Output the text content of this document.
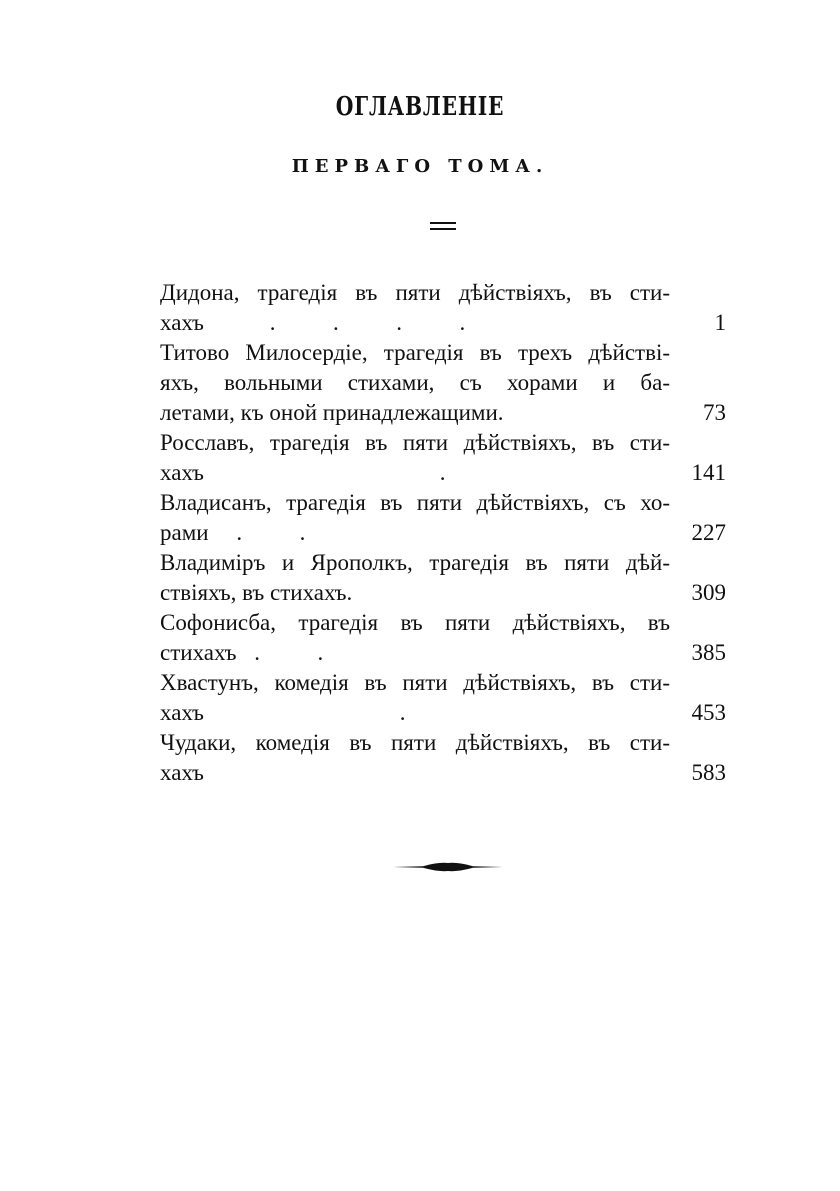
ОГЛАВЛЕНІЕ
ПЕРВАГО ТОМА.
Дидона, трагедія въ пяти дѣйствіяхъ, въ сти-
хахъ	.          .          .          .	1
Титово Милосердіе, трагедія въ трехъ дѣйстві-
яхъ, вольными стихами, съ хорами и ба-
летами, къ оной принадлежащими.	73
Росславъ, трагедія въ пяти дѣйствіяхъ, въ сти-
хахъ	.	141
Владисанъ, трагедія въ пяти дѣйствіяхъ, съ хо-
рами .          .	227
Владиміръ и Ярополкъ, трагедія въ пяти дѣй-
ствіяхъ, въ стихахъ.	309
Софонисба, трагедія въ пяти дѣйствіяхъ, въ
стихахъ .          .	385
Хвастунъ, комедія въ пяти дѣйствіяхъ, въ сти-
хахъ	.	453
Чудаки, комедія въ пяти дѣйствіяхъ, въ сти-
хахъ	583
